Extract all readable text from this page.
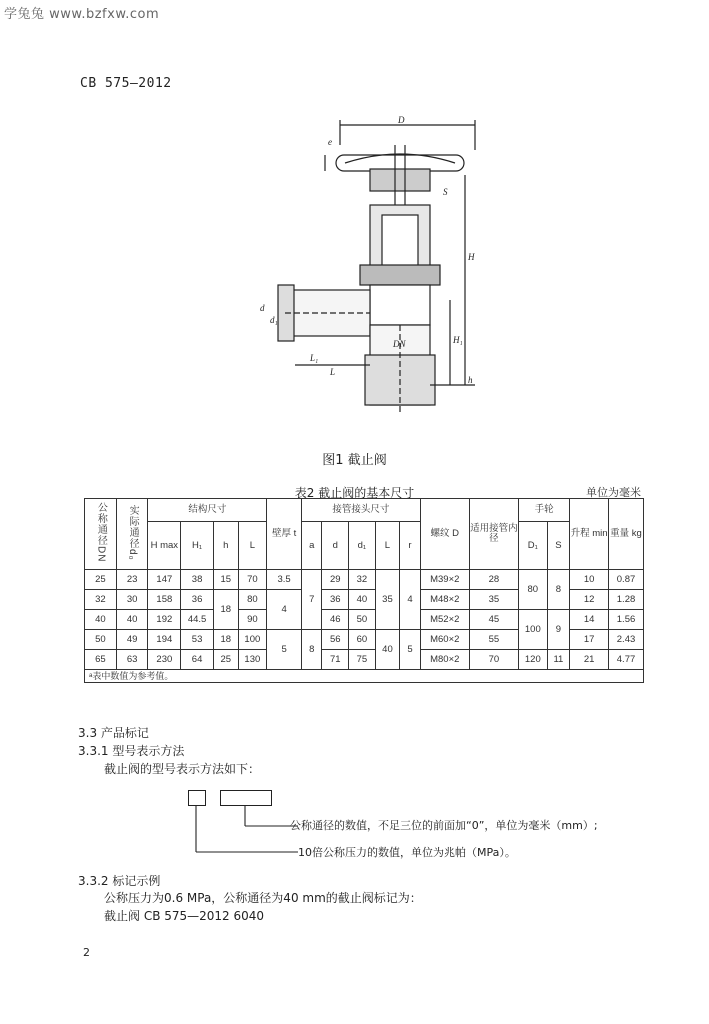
学兔兔 www.bzfxw.com
CB 575—2012
D
e
S
H
H₁
d
d₁
L₁
L
DN
h
图1 截止阀
表2 截止阀的基本尺寸	单位为毫米
公称通径DN	实际通径d₀	结构尺寸				壁厚 t	接管接头尺寸					螺纹 D	适用接管内径	手轮		升程 min	重量 kg
		H max	H₁	h	L		a	d	d₁	L	r			D₁	S		
25	23	147	38	15	70	3.5	7	29	32	35	4	M39×2	28	80	8	10	0.87
32	30	158	36	18	80	4		36	40			M48×2	35			12	1.28
40	40	192	44.5		90			46	50			M52×2	45	100	9	14	1.56
50	49	194	53	18	100	5	8	56	60	40	5	M60×2	55			17	2.43
65	63	230	64	25	130			71	75			M80×2	70	120	11	21	4.77
ᵃ表中数值为参考值。																	
3.3 产品标记
3.3.1 型号表示方法
截止阀的型号表示方法如下：
公称通径的数值，不足三位的前面加“0”，单位为毫米（mm）;
10倍公称压力的数值，单位为兆帕（MPa）。
3.3.2 标记示例
公称压力为0.6 MPa，公称通径为40 mm的截止阀标记为：
截止阀 CB 575—2012 6040
2
